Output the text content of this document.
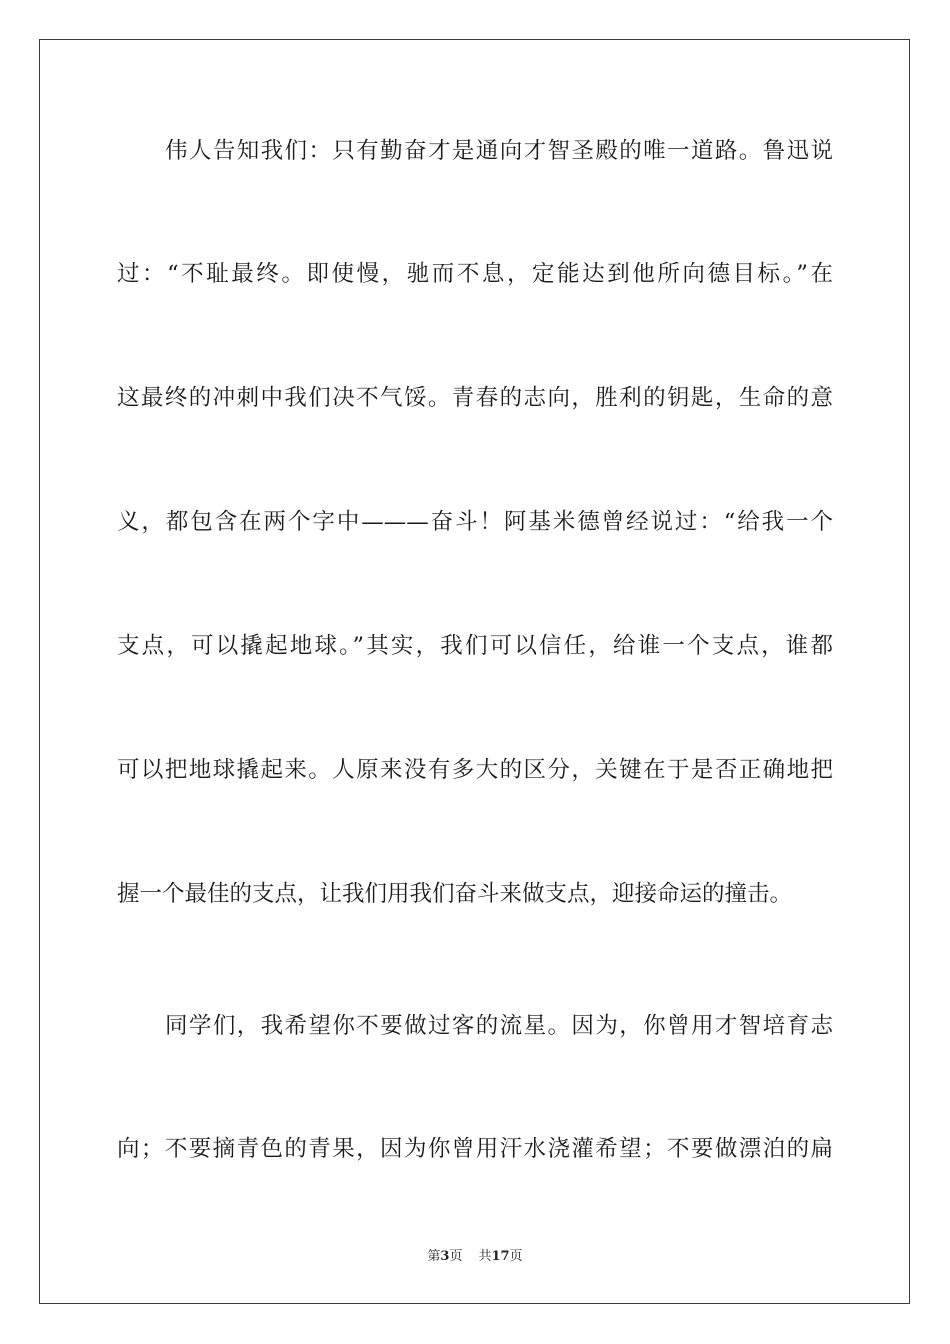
伟人告知我们：只有勤奋才是通向才智圣殿的唯一道路。鲁迅说
过：“不耻最终。即使慢，驰而不息，定能达到他所向德目标。”在
这最终的冲刺中我们决不气馁。青春的志向，胜利的钥匙，生命的意
义，都包含在两个字中———奋斗！阿基米德曾经说过：“给我一个
支点，可以撬起地球。”其实，我们可以信任，给谁一个支点，谁都
可以把地球撬起来。人原来没有多大的区分，关键在于是否正确地把
握一个最佳的支点，让我们用我们奋斗来做支点，迎接命运的撞击。
同学们，我希望你不要做过客的流星。因为，你曾用才智培育志
向；不要摘青色的青果，因为你曾用汗水浇灌希望；不要做漂泊的扁
第3页 共17页
